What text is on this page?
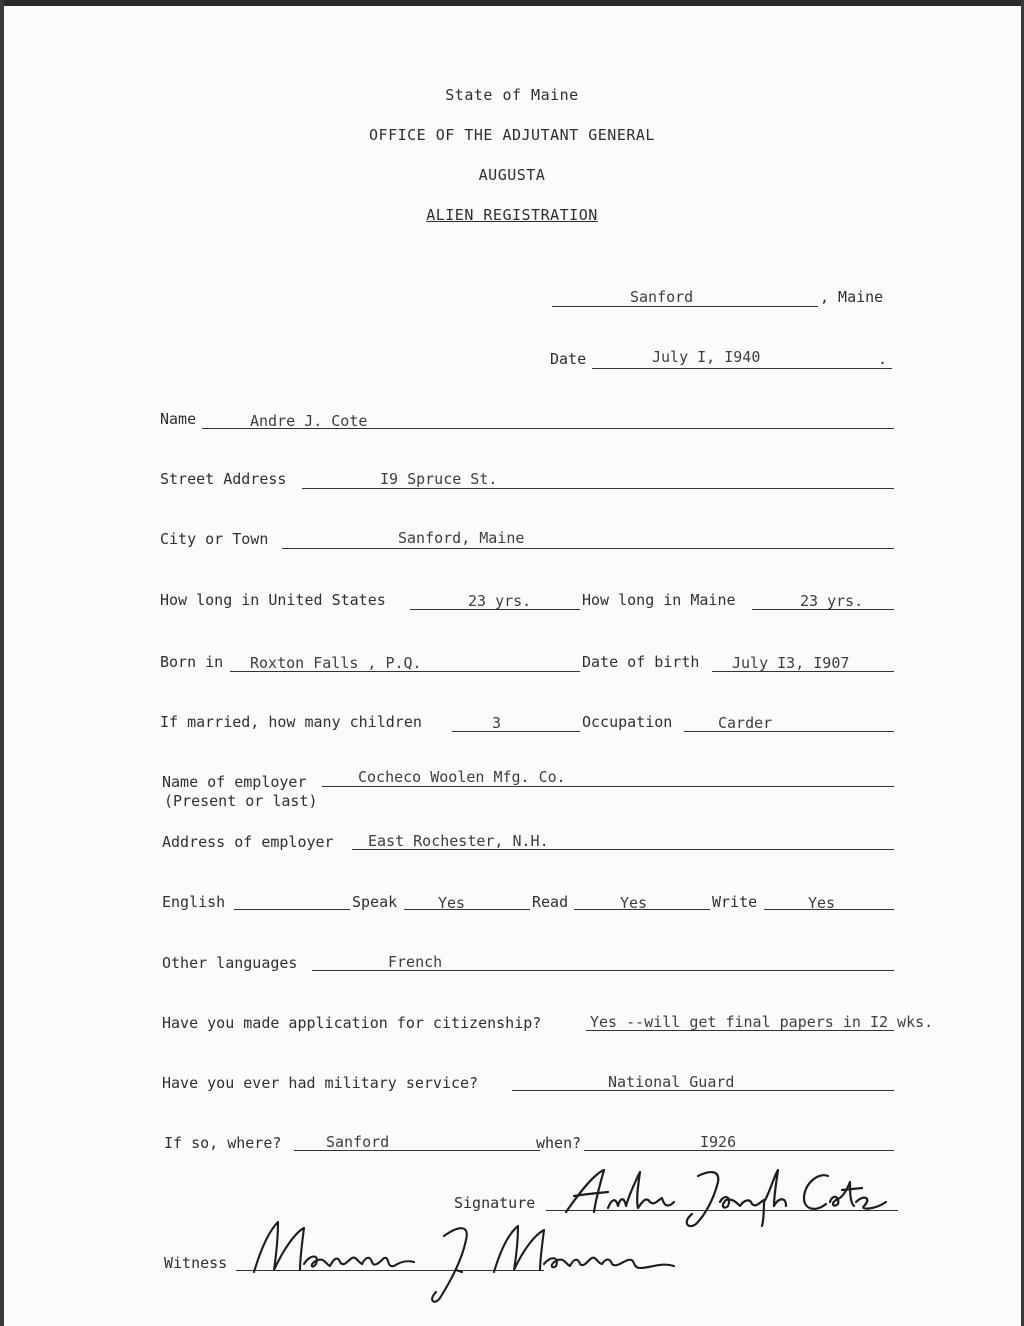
State of Maine
OFFICE OF THE ADJUTANT GENERAL
AUGUSTA
ALIEN REGISTRATION
Sanford	, Maine
Date	July I, I940	.
Name	Andre J. Cote
Street Address	I9 Spruce St.
City or Town	Sanford, Maine
How long in United States	23 yrs.	How long in Maine	23 yrs.
Born in Roxton Falls , P.Q.	Date of birth July I3, I907
If married, how many children	3	Occupation	Carder
Name of employer	Cocheco Woolen Mfg. Co.
(Present or last)
Address of employer East Rochester, N.H.
English	Speak	Yes	Read	Yes	Write	Yes
Other languages	French
Have you made application for citizenship?	Yes --will get final papers in I2 wks.
Have you ever had military service?	National Guard
If so, where?	Sanford	when?	I926
Signature
Witness
